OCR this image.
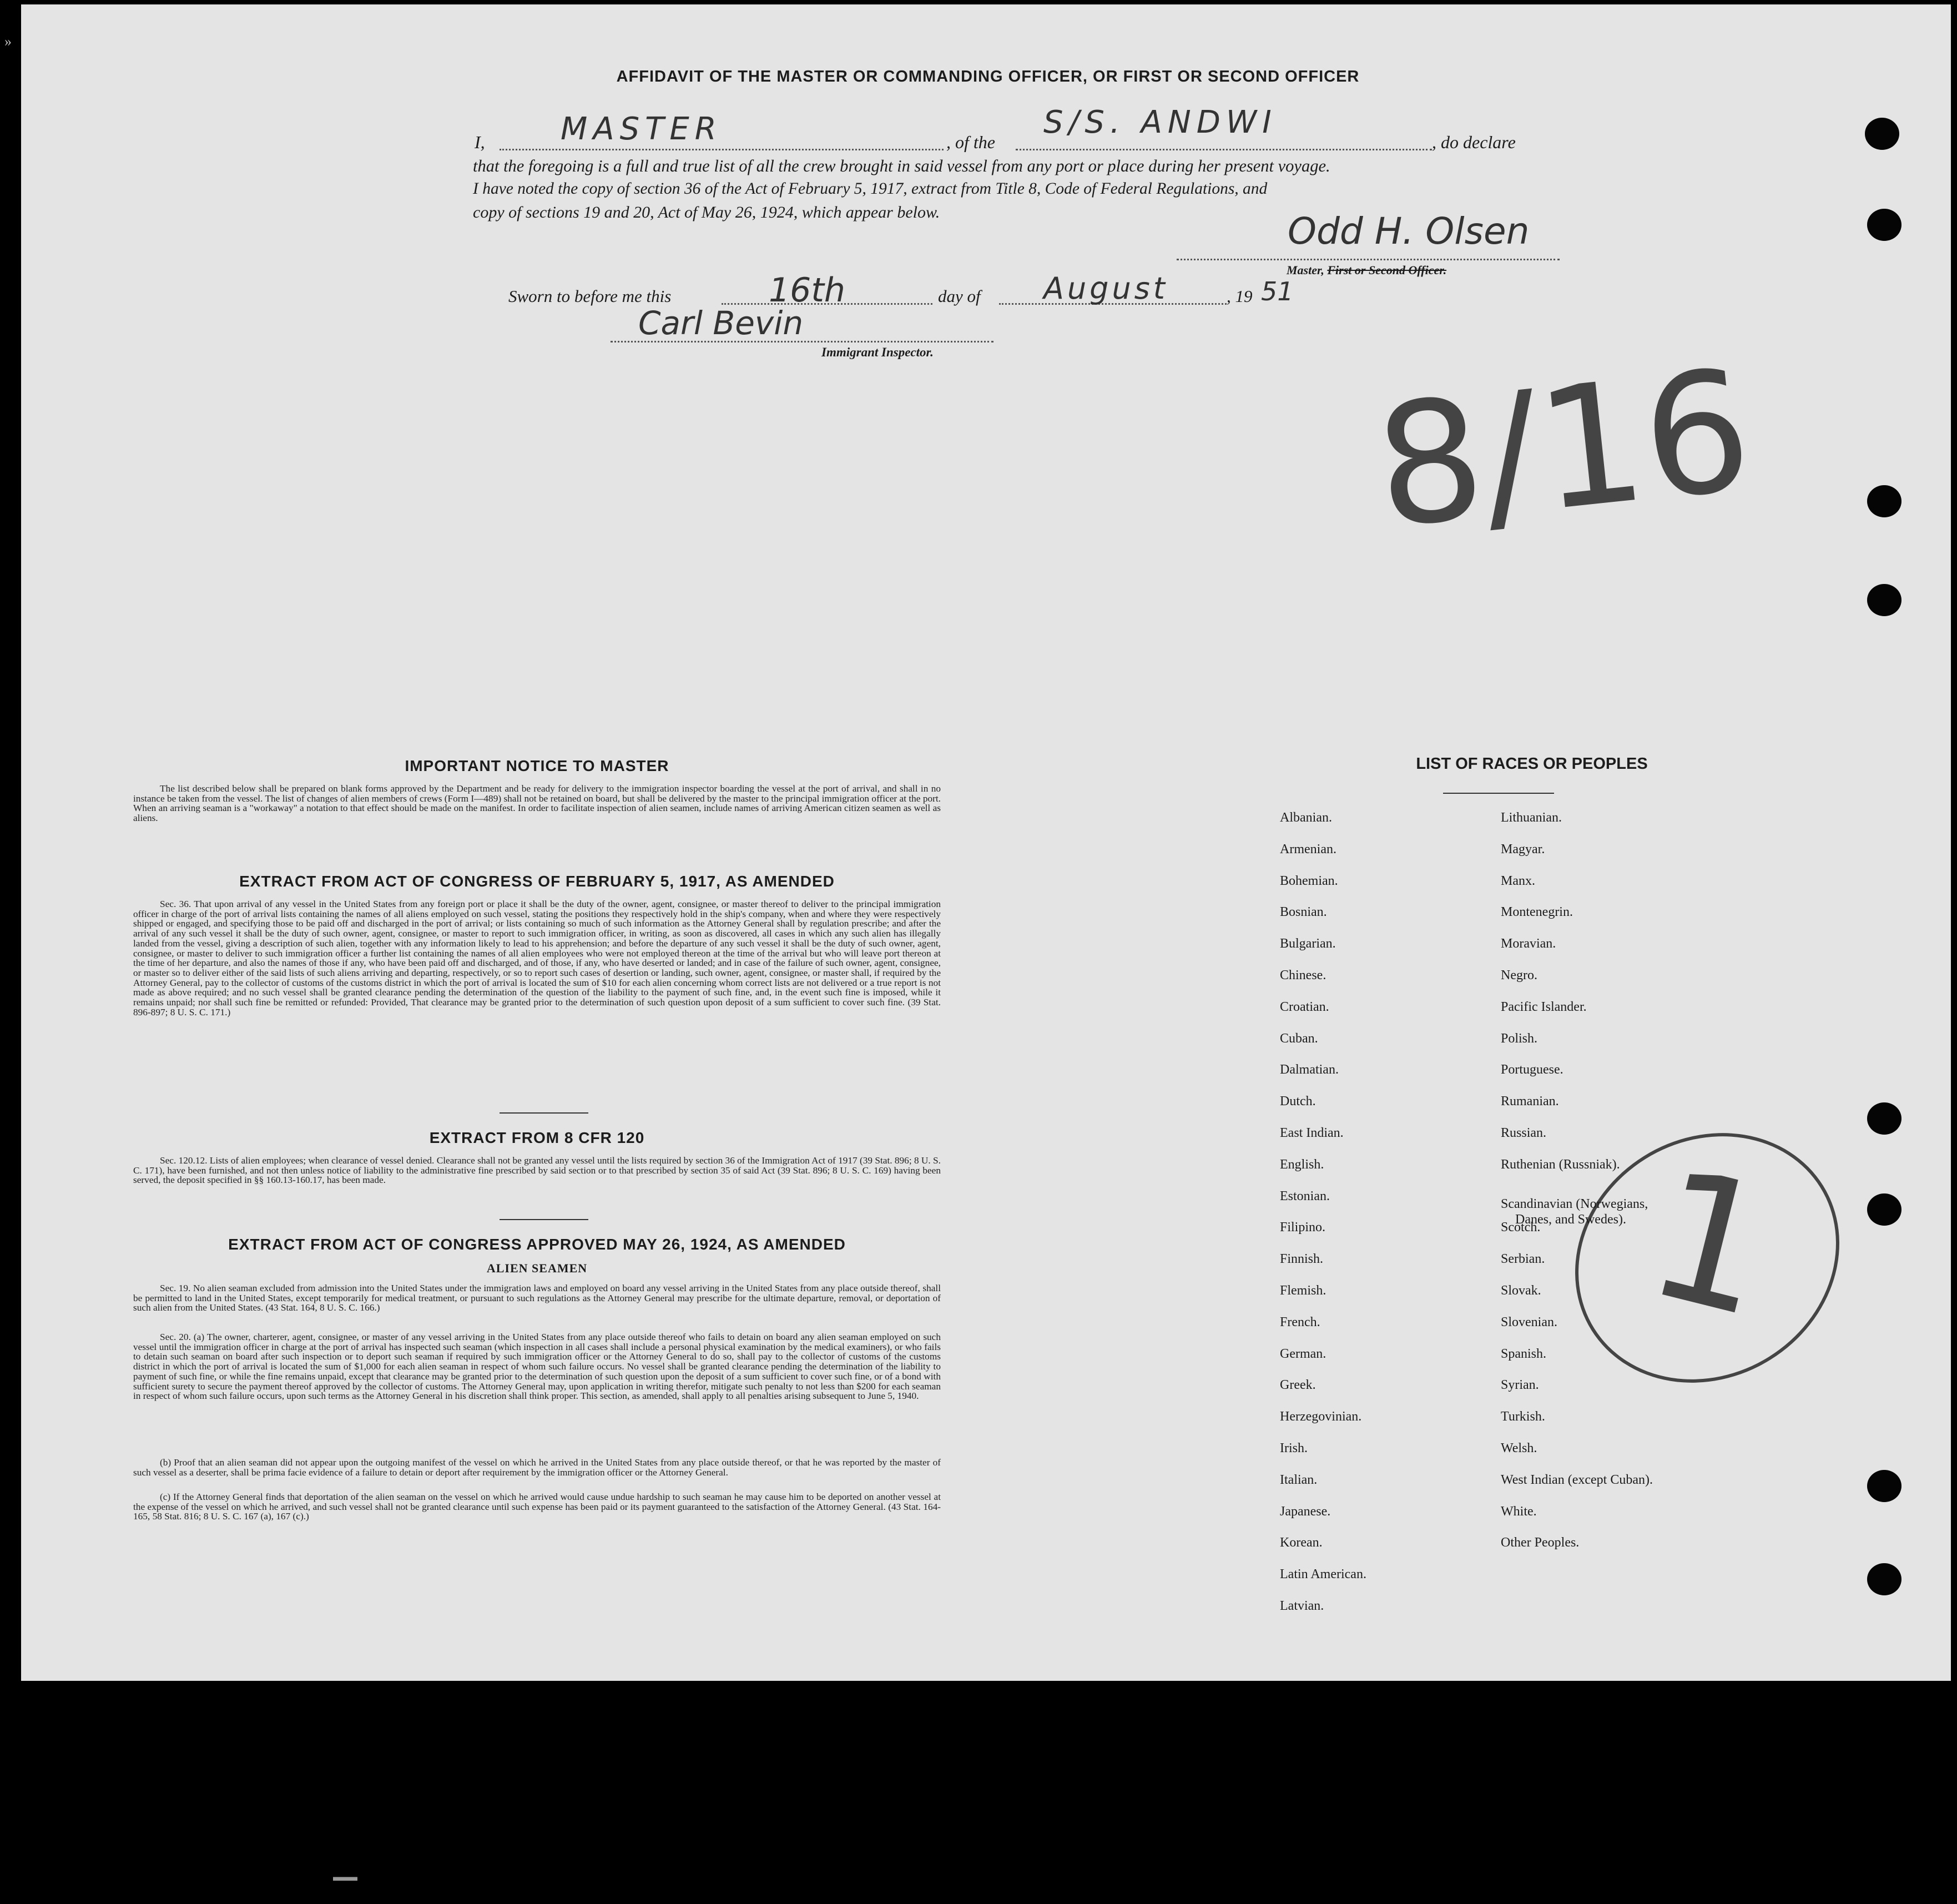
»
▬▬
AFFIDAVIT OF THE MASTER OR COMMANDING OFFICER, OR FIRST OR SECOND OFFICER
I, MASTER	, of the
S/S. ANDWI
, do declare
that the foregoing is a full and true list of all the crew brought in said vessel from any port or place during her present voyage.
I have noted the copy of section 36 of the Act of February 5, 1917, extract from Title 8, Code of Federal Regulations, and
copy of sections 19 and 20, Act of May 26, 1924, which appear below.	Odd H. Olsen
Master, First or Second Officer.
Sworn to before me this	16th	day of August	, 19 51
Carl Bevin
Immigrant Inspector.	8/16
1
IMPORTANT NOTICE TO MASTER
The list described below shall be prepared on blank forms approved by the Department and be ready for delivery to the immigration inspector boarding the vessel at the port of arrival, and shall in no instance be taken from the vessel. The list of changes of alien members of crews (Form I—489) shall not be retained on board, but shall be delivered by the master to the principal immigration officer at the port. When an arriving seaman is a "workaway" a notation to that effect should be made on the manifest. In order to facilitate inspection of alien seamen, include names of arriving American citizen seamen as well as aliens.
EXTRACT FROM ACT OF CONGRESS OF FEBRUARY 5, 1917, AS AMENDED
Sec. 36. That upon arrival of any vessel in the United States from any foreign port or place it shall be the duty of the owner, agent, consignee, or master thereof to deliver to the principal immigration officer in charge of the port of arrival lists containing the names of all aliens employed on such vessel, stating the positions they respectively hold in the ship's company, when and where they were respectively shipped or engaged, and specifying those to be paid off and discharged in the port of arrival; or lists containing so much of such information as the Attorney General shall by regulation prescribe; and after the arrival of any such vessel it shall be the duty of such owner, agent, consignee, or master to report to such immigration officer, in writing, as soon as discovered, all cases in which any such alien has illegally landed from the vessel, giving a description of such alien, together with any information likely to lead to his apprehension; and before the departure of any such vessel it shall be the duty of such owner, agent, consignee, or master to deliver to such immigration officer a further list containing the names of all alien employees who were not employed thereon at the time of the arrival but who will leave port thereon at the time of her departure, and also the names of those if any, who have been paid off and discharged, and of those, if any, who have deserted or landed; and in case of the failure of such owner, agent, consignee, or master so to deliver either of the said lists of such aliens arriving and departing, respectively, or so to report such cases of desertion or landing, such owner, agent, consignee, or master shall, if required by the Attorney General, pay to the collector of customs of the customs district in which the port of arrival is located the sum of $10 for each alien concerning whom correct lists are not delivered or a true report is not made as above required; and no such vessel shall be granted clearance pending the determination of the question of the liability to the payment of such fine, and, in the event such fine is imposed, while it remains unpaid; nor shall such fine be remitted or refunded: Provided, That clearance may be granted prior to the determination of such question upon deposit of a sum sufficient to cover such fine. (39 Stat. 896-897; 8 U. S. C. 171.)
EXTRACT FROM 8 CFR 120
Sec. 120.12. Lists of alien employees; when clearance of vessel denied. Clearance shall not be granted any vessel until the lists required by section 36 of the Immigration Act of 1917 (39 Stat. 896; 8 U. S. C. 171), have been furnished, and not then unless notice of liability to the administrative fine prescribed by said section or to that prescribed by section 35 of said Act (39 Stat. 896; 8 U. S. C. 169) having been served, the deposit specified in §§ 160.13-160.17, has been made.
EXTRACT FROM ACT OF CONGRESS APPROVED MAY 26, 1924, AS AMENDED
ALIEN SEAMEN
Sec. 19. No alien seaman excluded from admission into the United States under the immigration laws and employed on board any vessel arriving in the United States from any place outside thereof, shall be permitted to land in the United States, except temporarily for medical treatment, or pursuant to such regulations as the Attorney General may prescribe for the ultimate departure, removal, or deportation of such alien from the United States. (43 Stat. 164, 8 U. S. C. 166.)
Sec. 20. (a) The owner, charterer, agent, consignee, or master of any vessel arriving in the United States from any place outside thereof who fails to detain on board any alien seaman employed on such vessel until the immigration officer in charge at the port of arrival has inspected such seaman (which inspection in all cases shall include a personal physical examination by the medical examiners), or who fails to detain such seaman on board after such inspection or to deport such seaman if required by such immigration officer or the Attorney General to do so, shall pay to the collector of customs of the customs district in which the port of arrival is located the sum of $1,000 for each alien seaman in respect of whom such failure occurs. No vessel shall be granted clearance pending the determination of the liability to payment of such fine, or while the fine remains unpaid, except that clearance may be granted prior to the determination of such question upon the deposit of a sum sufficient to cover such fine, or of a bond with sufficient surety to secure the payment thereof approved by the collector of customs. The Attorney General may, upon application in writing therefor, mitigate such penalty to not less than $200 for each seaman in respect of whom such failure occurs, upon such terms as the Attorney General in his discretion shall think proper. This section, as amended, shall apply to all penalties arising subsequent to June 5, 1940.
(b) Proof that an alien seaman did not appear upon the outgoing manifest of the vessel on which he arrived in the United States from any place outside thereof, or that he was reported by the master of such vessel as a deserter, shall be prima facie evidence of a failure to detain or deport after requirement by the immigration officer or the Attorney General.
(c) If the Attorney General finds that deportation of the alien seaman on the vessel on which he arrived would cause undue hardship to such seaman he may cause him to be deported on another vessel at the expense of the vessel on which he arrived, and such vessel shall not be granted clearance until such expense has been paid or its payment guaranteed to the satisfaction of the Attorney General. (43 Stat. 164-165, 58 Stat. 816; 8 U. S. C. 167 (a), 167 (c).)
LIST OF RACES OR PEOPLES
Albanian.
Armenian.
Bohemian.
Bosnian.
Bulgarian.
Chinese.
Croatian.
Cuban.
Dalmatian.
Dutch.
East Indian.
English.
Estonian.
Filipino.
Finnish.
Flemish.
French.
German.
Greek.
Herzegovinian.
Irish.
Italian.
Japanese.
Korean.
Latin American.
Latvian.
Lithuanian.
Magyar.
Manx.
Montenegrin.
Moravian.
Negro.
Pacific Islander.
Polish.
Portuguese.
Rumanian.
Russian.
Ruthenian (Russniak).
Scandinavian (Norwegians,
Danes, and Swedes).
Scotch.
Serbian.
Slovak.
Slovenian.
Spanish.
Syrian.
Turkish.
Welsh.
West Indian (except Cuban).
White.
Other Peoples.
